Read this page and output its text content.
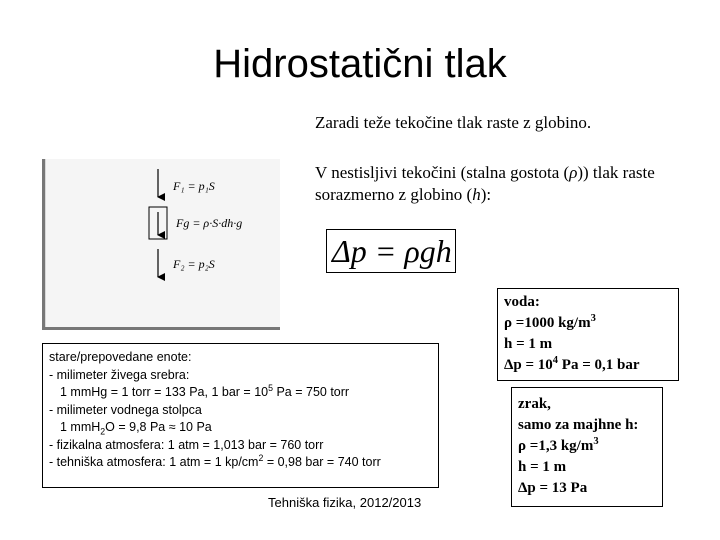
Hidrostatični tlak
Zaradi teže tekočine tlak raste z globino.
V nestisljivi tekočini (stalna gostota (ρ)) tlak raste sorazmerno z globino (h):
Δp = ρgh
F₁ = p₁S
Fg = ρ·S·dh·g
F₂ = p₂S
stare/prepovedane enote:
- milimeter živega srebra:
1 mmHg = 1 torr = 133 Pa, 1 bar = $10^5$ Pa = 750 torr
- milimeter vodnega stolpca
1 mmH$_2$O = 9,8 Pa ≈ 10 Pa
- fizikalna atmosfera: 1 atm = 1,013 bar = 760 torr
- tehniška atmosfera: 1 atm = 1 $kp/cm^2 = 0,98$ bar = 740 torr
Tehniška fizika, 2012/2013
voda:
ρ =1000 $kg/m^3$
h = 1 m
$\Delta p = 10^4$ Pa = 0,1 bar
zrak,
samo za majhne h:
ρ =1,3 $kg/m^3$
h = 1 m
Δp = 13 Pa
